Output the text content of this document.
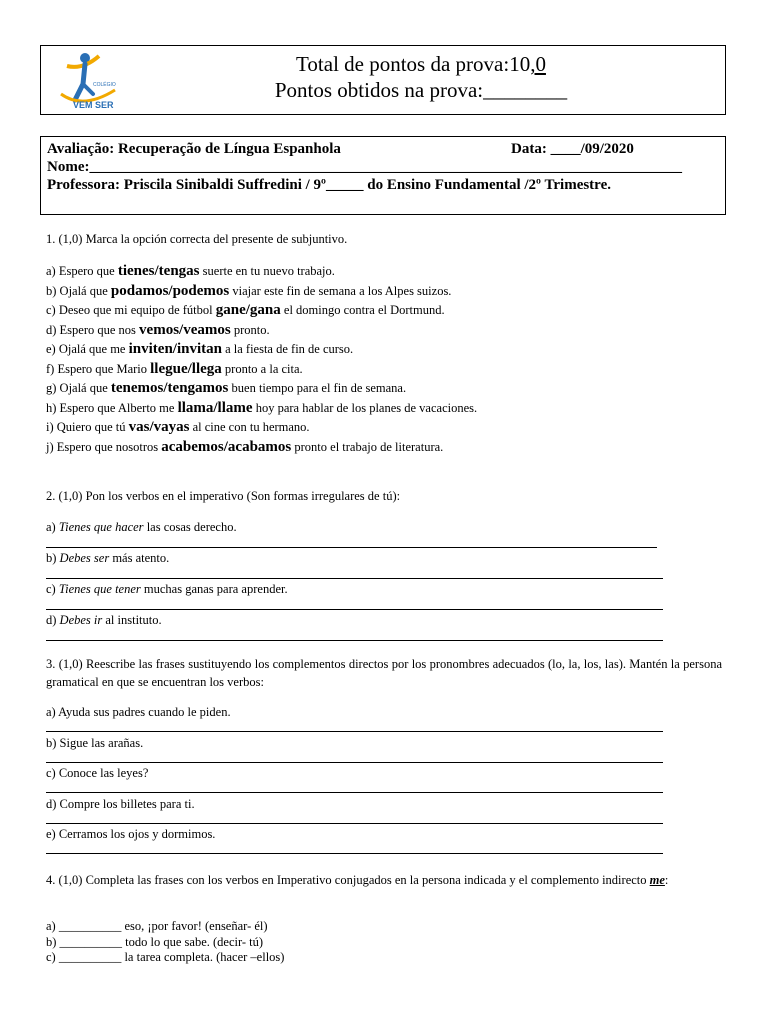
COLÉGIO
VEM SER
Total de pontos da prova:10,0
Pontos obtidos na prova:________
Avaliação: Recuperação de Língua Espanhola	Data: ____/09/2020
Nome:_______________________________________________________________________________
Professora: Priscila Sinibaldi Suffredini / 9º_____ do Ensino Fundamental /2º Trimestre.
1. (1,0) Marca la opción correcta del presente de subjuntivo.
a) Espero que tienes/tengas suerte en tu nuevo trabajo.
b) Ojalá que podamos/podemos viajar este fin de semana a los Alpes suizos.
c) Deseo que mi equipo de fútbol gane/gana el domingo contra el Dortmund.
d) Espero que nos vemos/veamos pronto.
e) Ojalá que me inviten/invitan a la fiesta de fin de curso.
f) Espero que Mario llegue/llega pronto a la cita.
g) Ojalá que tenemos/tengamos buen tiempo para el fin de semana.
h) Espero que Alberto me llama/llame hoy para hablar de los planes de vacaciones.
i) Quiero que tú vas/vayas al cine con tu hermano.
j) Espero que nosotros acabemos/acabamos pronto el trabajo de literatura.
2. (1,0) Pon los verbos en el imperativo (Son formas irregulares de tú):
a) Tienes que hacer las cosas derecho.
b) Debes ser más atento.
c) Tienes que tener muchas ganas para aprender.
d) Debes ir al instituto.
3. (1,0) Reescribe las frases sustituyendo los complementos directos por los pronombres adecuados (lo, la, los, las). Mantén la persona gramatical en que se encuentran los verbos:
a) Ayuda sus padres cuando le piden.
b) Sigue las arañas.
c) Conoce las leyes?
d) Compre los billetes para ti.
e) Cerramos los ojos y dormimos.
4. (1,0) Completa las frases con los verbos en Imperativo conjugados en la persona indicada y el complemento indirecto me:
a) __________ eso, ¡por favor! (enseñar- él)
b) __________ todo lo que sabe. (decir- tú)
c) __________ la tarea completa. (hacer –ellos)
